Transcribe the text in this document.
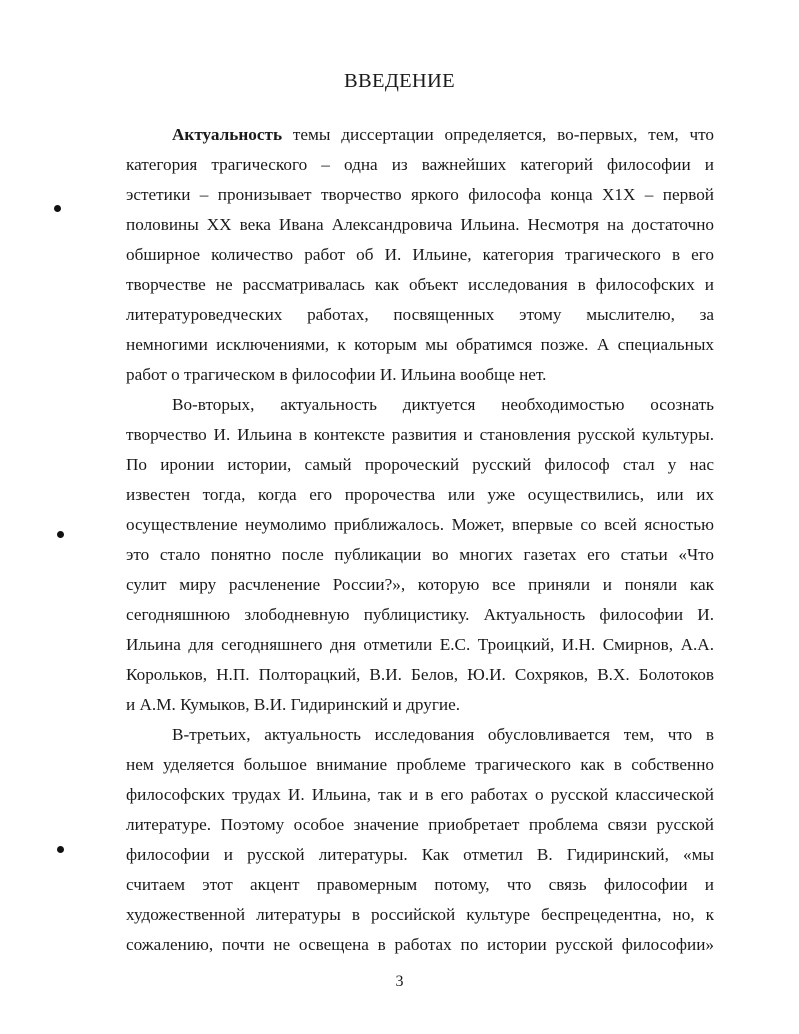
ВВЕДЕНИЕ
Актуальность темы диссертации определяется, во-первых, тем, что
категория трагического – одна из важнейших категорий философии и
эстетики – пронизывает творчество яркого философа конца Х1Х – первой
половины ХХ века Ивана Александровича Ильина. Несмотря на достаточно
обширное количество работ об И. Ильине, категория трагического в его
творчестве не рассматривалась как объект исследования в философских и
литературоведческих работах, посвященных этому мыслителю, за
немногими исключениями, к которым мы обратимся позже. А специальных
работ о трагическом в философии И. Ильина вообще нет.
Во-вторых, актуальность диктуется необходимостью осознать
творчество И. Ильина в контексте развития и становления русской культуры.
По иронии истории, самый пророческий русский философ стал у нас
известен тогда, когда его пророчества или уже осуществились, или их
осуществление неумолимо приближалось. Может, впервые со всей ясностью
это стало понятно после публикации во многих газетах его статьи «Что
сулит миру расчленение России?», которую все приняли и поняли как
сегодняшнюю злободневную публицистику. Актуальность философии И.
Ильина для сегодняшнего дня отметили Е.С. Троицкий, И.Н. Смирнов, А.А.
Корольков, Н.П. Полторацкий, В.И. Белов, Ю.И. Сохряков, В.Х. Болотоков
и А.М. Кумыков, В.И. Гидиринский и другие.
В-третьих, актуальность исследования обусловливается тем, что в
нем уделяется большое внимание проблеме трагического как в собственно
философских трудах И. Ильина, так и в его работах о русской классической
литературе. Поэтому особое значение приобретает проблема связи русской
философии и русской литературы. Как отметил В. Гидиринский, «мы
считаем этот акцент правомерным потому, что связь философии и
художественной литературы в российской культуре беспрецедентна, но, к
сожалению, почти не освещена в работах по истории русской философии»
3
